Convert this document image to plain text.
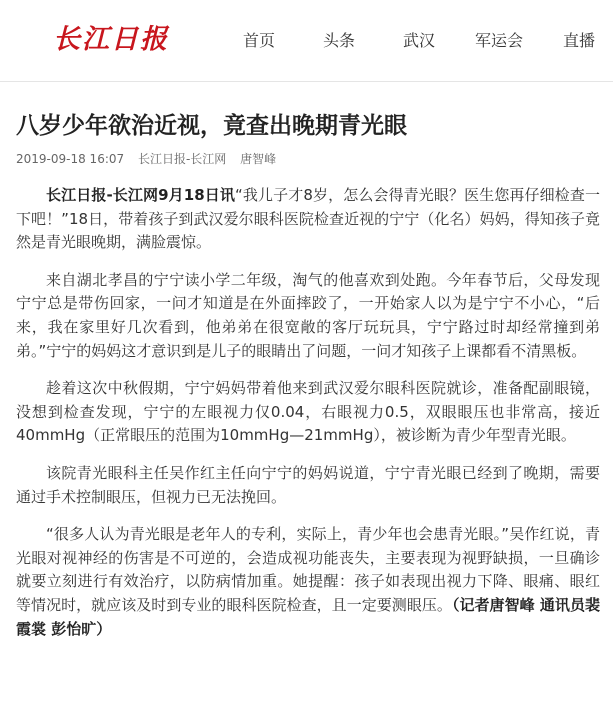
长江日报	首页	头条	武汉 军运会 直播
八岁少年欲治近视，竟查出晚期青光眼
2019-09-18 16:07 长江日报-长江网 唐智峰

长江日报-长江网9月18日讯“我儿子才8岁，怎么会得青光眼？医生您再仔细检查一下吧！”18日，带着孩子到武汉爱尔眼科医院检查近视的宁宁（化名）妈妈，得知孩子竟然是青光眼晚期，满脸震惊。

来自湖北孝昌的宁宁读小学二年级，淘气的他喜欢到处跑。今年春节后，父母发现宁宁总是带伤回家，一问才知道是在外面摔跤了，一开始家人以为是宁宁不小心，“后来，我在家里好几次看到，他弟弟在很宽敞的客厅玩玩具，宁宁路过时却经常撞到弟弟。”宁宁的妈妈这才意识到是儿子的眼睛出了问题，一问才知孩子上课都看不清黑板。

趁着这次中秋假期，宁宁妈妈带着他来到武汉爱尔眼科医院就诊，准备配副眼镜，没想到检查发现，宁宁的左眼视力仅0.04，右眼视力0.5，双眼眼压也非常高，接近40mmHg（正常眼压的范围为10mmHg—21mmHg），被诊断为青少年型青光眼。

该院青光眼科主任吴作红主任向宁宁的妈妈说道，宁宁青光眼已经到了晚期，需要通过手术控制眼压，但视力已无法挽回。

“很多人认为青光眼是老年人的专利，实际上，青少年也会患青光眼。”吴作红说，青光眼对视神经的伤害是不可逆的，会造成视功能丧失，主要表现为视野缺损，一旦确诊就要立刻进行有效治疗，以防病情加重。她提醒：孩子如表现出视力下降、眼痛、眼红等情况时，就应该及时到专业的眼科医院检查，且一定要测眼压。（记者唐智峰 通讯员裴霞裳 彭怡旷）
